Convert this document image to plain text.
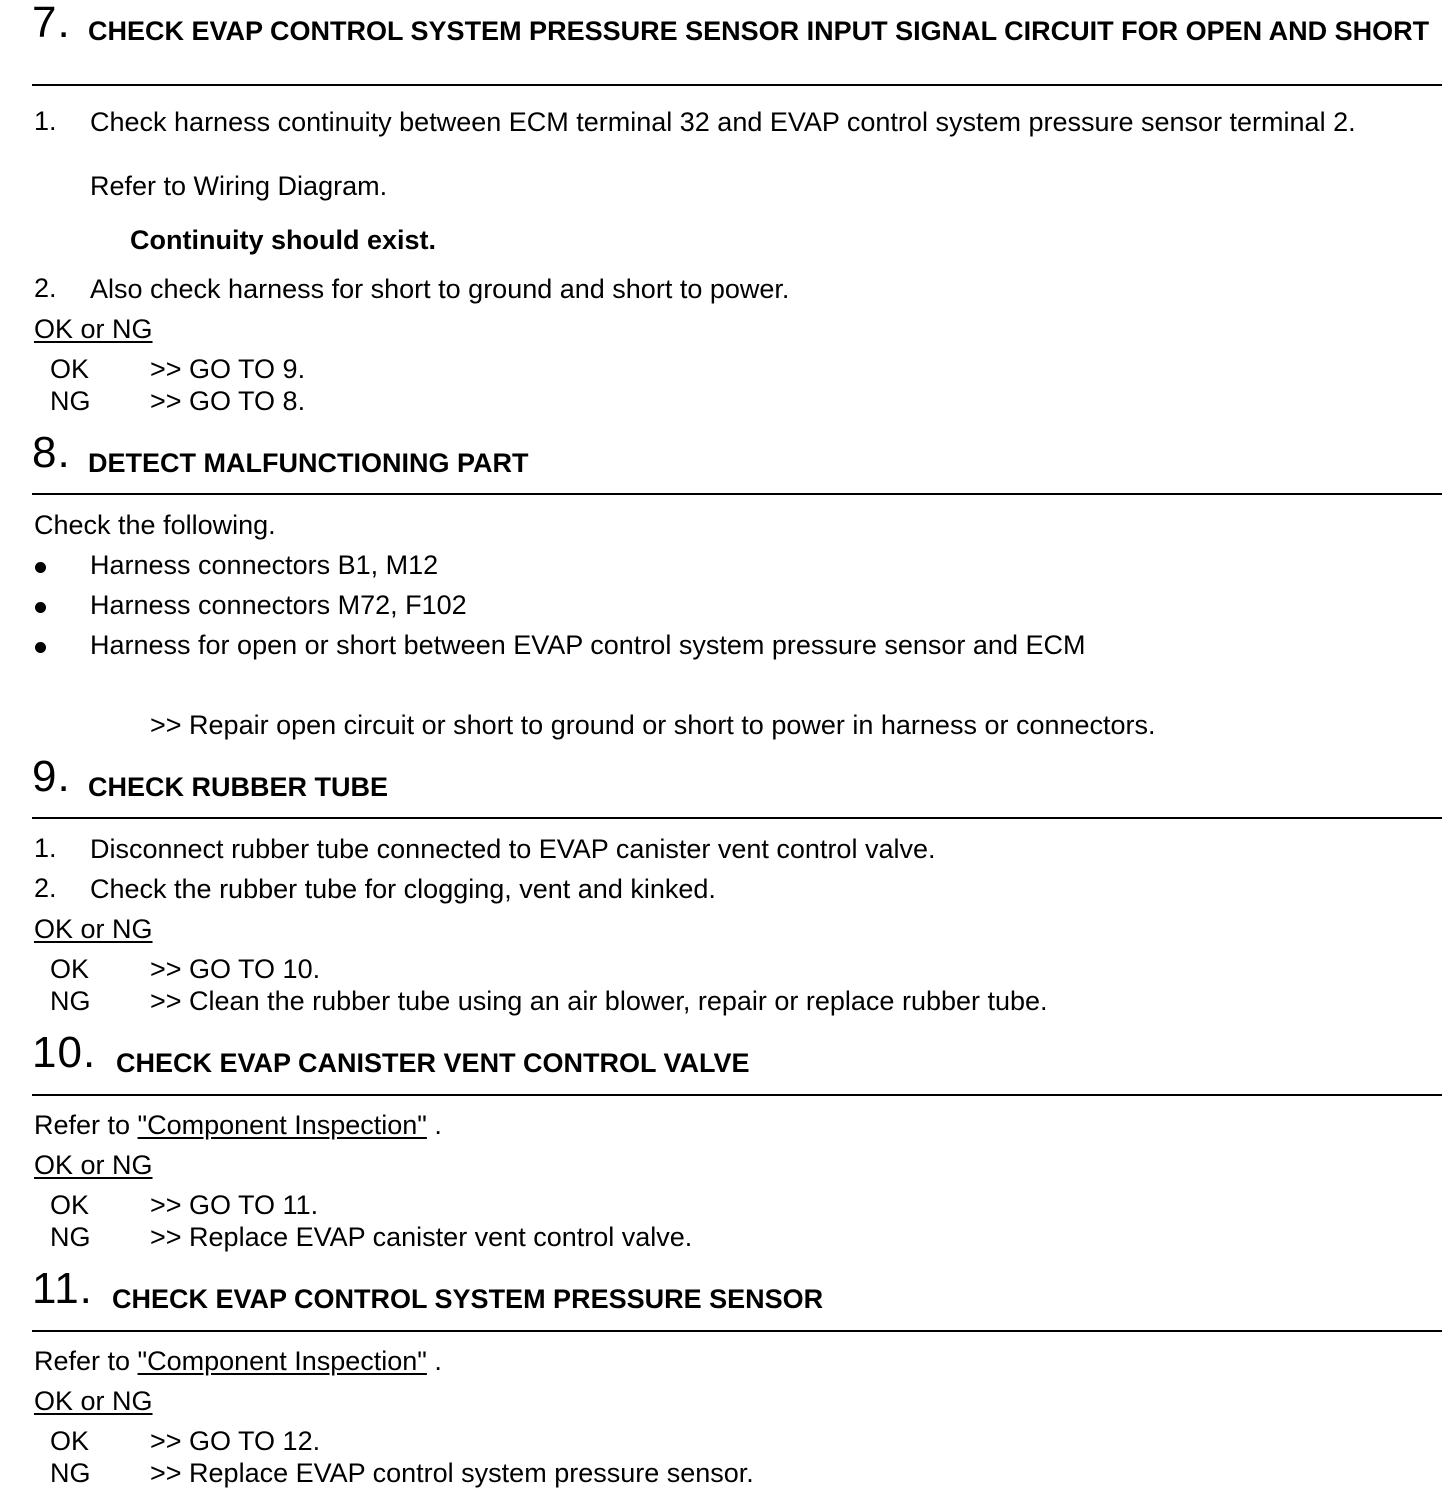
7. CHECK EVAP CONTROL SYSTEM PRESSURE SENSOR INPUT SIGNAL CIRCUIT FOR OPEN AND SHORT
1. Check harness continuity between ECM terminal 32 and EVAP control system pressure sensor terminal 2.
Refer to Wiring Diagram.
Continuity should exist.
2. Also check harness for short to ground and short to power.
OK or NG
OK >> GO TO 9.
NG >> GO TO 8.
8. DETECT MALFUNCTIONING PART
Check the following.
Harness connectors B1, M12
Harness connectors M72, F102
Harness for open or short between EVAP control system pressure sensor and ECM
>> Repair open circuit or short to ground or short to power in harness or connectors.
9. CHECK RUBBER TUBE
1. Disconnect rubber tube connected to EVAP canister vent control valve.
2. Check the rubber tube for clogging, vent and kinked.
OK or NG
OK >> GO TO 10.
NG >> Clean the rubber tube using an air blower, repair or replace rubber tube.
10. CHECK EVAP CANISTER VENT CONTROL VALVE
Refer to "Component Inspection" .
OK or NG
OK >> GO TO 11.
NG >> Replace EVAP canister vent control valve.
11. CHECK EVAP CONTROL SYSTEM PRESSURE SENSOR
Refer to "Component Inspection" .
OK or NG
OK >> GO TO 12.
NG >> Replace EVAP control system pressure sensor.
